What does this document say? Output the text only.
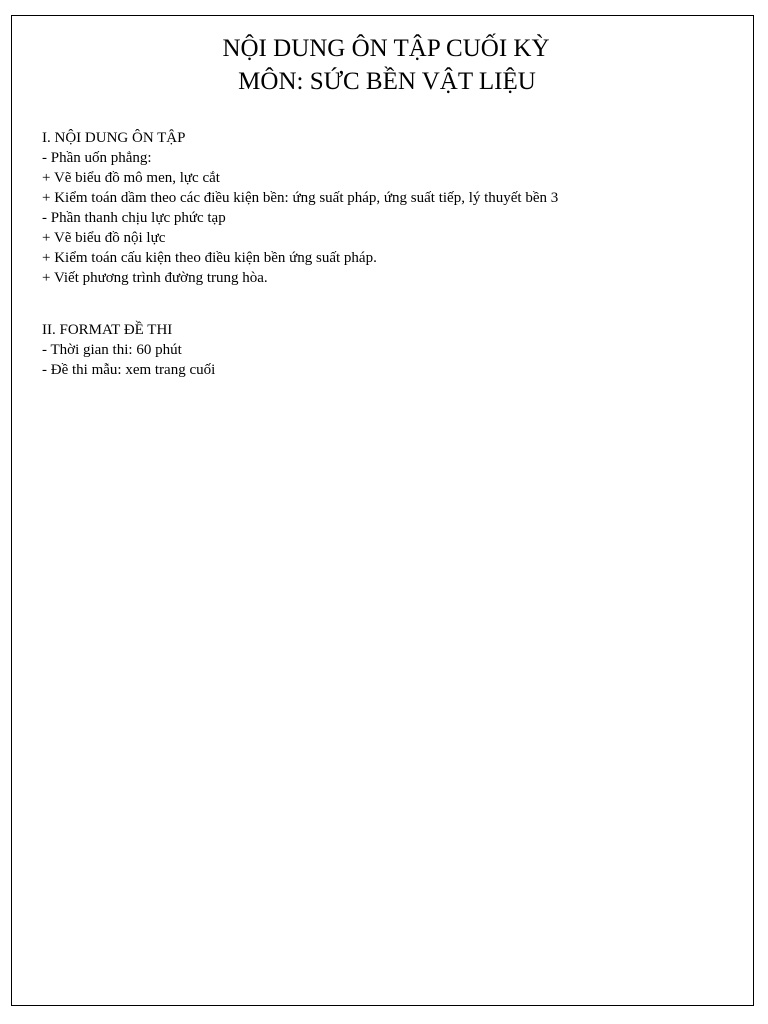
NỘI DUNG ÔN TẬP CUỐI KỲ
MÔN: SỨC BỀN VẬT LIỆU
I. NỘI DUNG ÔN TẬP
- Phần uốn phẳng:
+ Vẽ biểu đồ mô men, lực cắt
+ Kiểm toán dầm theo các điều kiện bền: ứng suất pháp, ứng suất tiếp, lý thuyết bền 3
- Phần thanh chịu lực phức tạp
+ Vẽ biểu đồ nội lực
+ Kiểm toán cấu kiện theo điều kiện bền ứng suất pháp.
+ Viết phương trình đường trung hòa.
II. FORMAT ĐỀ THI
- Thời gian thi: 60 phút
- Đề thi mẫu: xem trang cuối
